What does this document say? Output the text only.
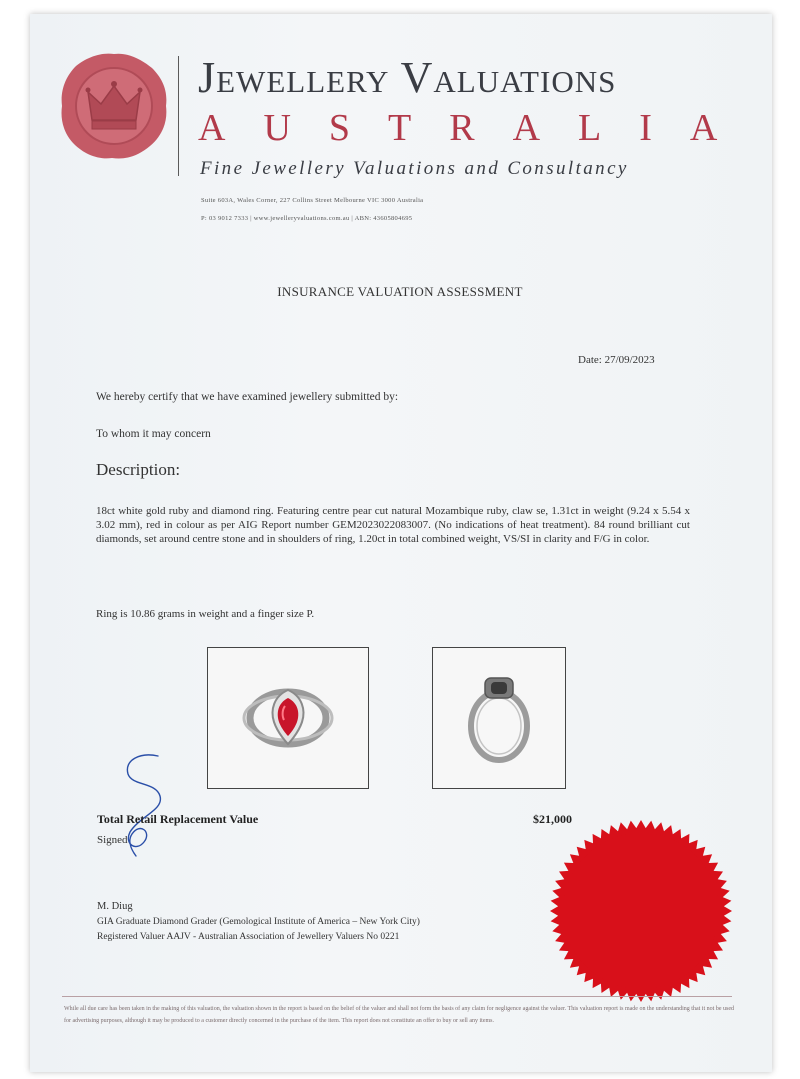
Jewellery Valuations
AUSTRALIA
Fine Jewellery Valuations and Consultancy
Suite 603A, Wales Corner, 227 Collins Street Melbourne VIC 3000 Australia
P: 03 9012 7333 | www.jewelleryvaluations.com.au | ABN: 43605804695
INSURANCE VALUATION ASSESSMENT
Date: 27/09/2023
We hereby certify that we have examined jewellery submitted by:
To whom it may concern
Description:
18ct white gold ruby and diamond ring. Featuring centre pear cut natural Mozambique ruby, claw se, 1.31ct in weight (9.24 x 5.54 x 3.02 mm), red in colour as per AIG Report number GEM2023022083007. (No indications of heat treatment). 84 round brilliant cut diamonds, set around centre stone and in shoulders of ring, 1.20ct in total combined weight, VS/SI in clarity and F/G in color.
Ring is 10.86 grams in weight and a finger size P.
Total Retail Replacement Value	$21,000
Signed
M. Diug
GIA Graduate Diamond Grader (Gemological Institute of America – New York City)
Registered Valuer AAJV - Australian Association of Jewellery Valuers No 0221
While all due care has been taken in the making of this valuation, the valuation shown in the report is based on the belief of the valuer and shall not form the basis of any claim for negligence against the valuer. This valuation report is made on the understanding that it not be used for advertising purposes, although it may be produced to a customer directly concerned in the purchase of the item. This report does not constitute an offer to buy or sell any items.
